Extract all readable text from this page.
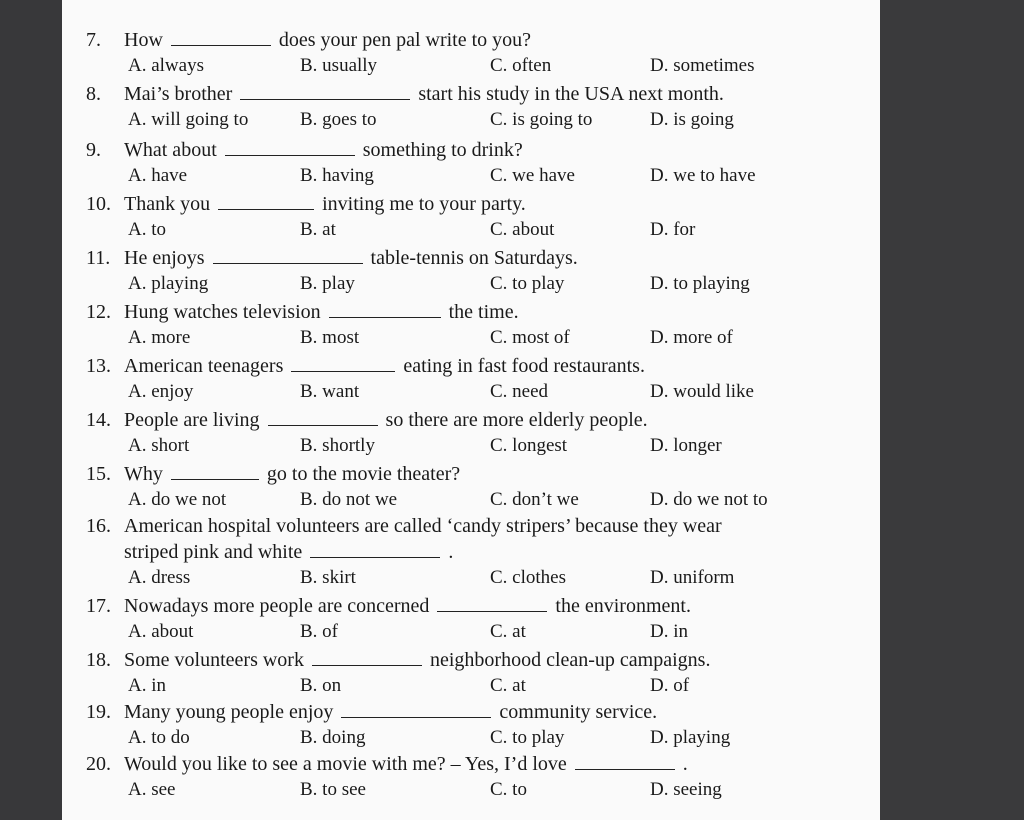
7. How	does your pen pal write to you?
A. always	B. usually	C. often	D. sometimes
8. Mai’s brother	start his study in the USA next month.
A. will going to	B. goes to	C. is going to	D. is going
9. What about	something to drink?
A. have	B. having	C. we have	D. we to have
10. Thank you	inviting me to your party.
A. to	B. at	C. about	D. for
11. He enjoys	table-tennis on Saturdays.
A. playing	B. play	C. to play	D. to playing
12. Hung watches television	the time.
A. more	B. most	C. most of	D. more of
13. American teenagers	eating in fast food restaurants.
A. enjoy	B. want	C. need	D. would like
14. People are living	so there are more elderly people.
A. short	B. shortly	C. longest	D. longer
15. Why	go to the movie theater?
A. do we not	B. do not we	C. don’t we	D. do we not to
16. American hospital volunteers are called ‘candy stripers’ because they wear
striped pink and white	.
A. dress	B. skirt	C. clothes	D. uniform
17. Nowadays more people are concerned	the environment.
A. about	B. of	C. at	D. in
18. Some volunteers work	neighborhood clean-up campaigns.
A. in	B. on	C. at	D. of
19. Many young people enjoy	community service.
A. to do	B. doing	C. to play	D. playing
20. Would you like to see a movie with me? – Yes, I’d love	.
A. see	B. to see	C. to	D. seeing
